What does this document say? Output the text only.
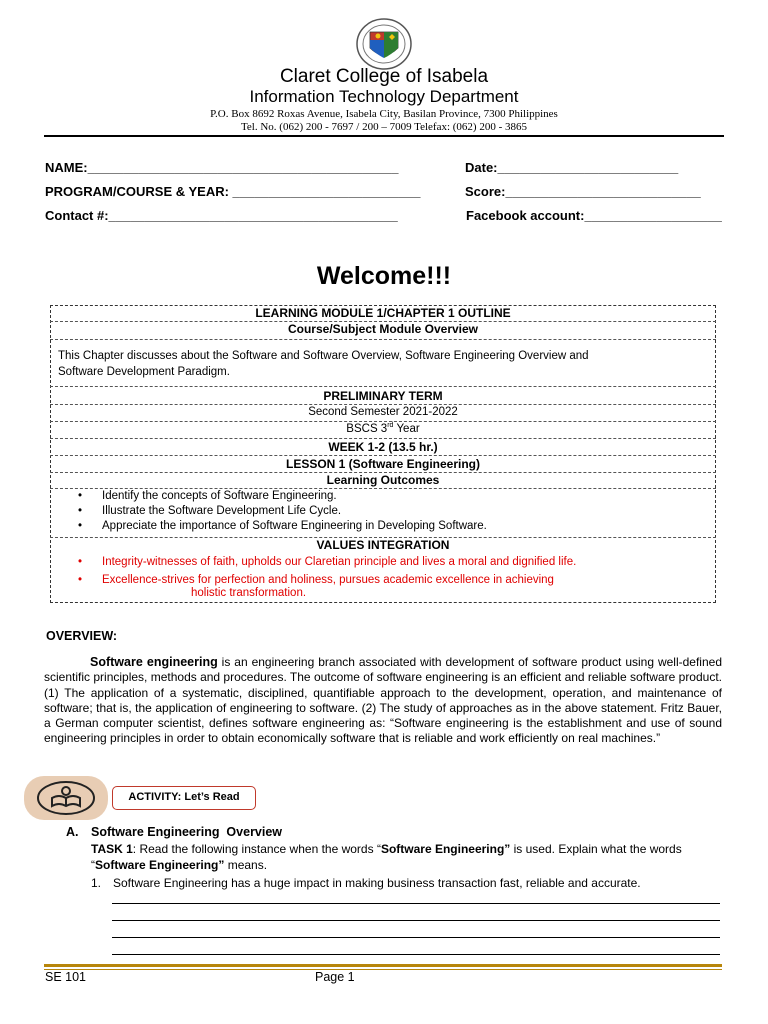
Claret College of Isabela
Information Technology Department
P.O. Box 8692 Roxas Avenue, Isabela City, Basilan Province, 7300 Philippines
Tel. No. (062) 200 - 7697 / 200 – 7009 Telefax: (062) 200 - 3865
NAME:___________________________________________	Date:_________________________
PROGRAM/COURSE & YEAR: __________________________	Score:___________________________
Contact #:________________________________________	Facebook account:___________________
Welcome!!!
LEARNING MODULE 1/CHAPTER 1 OUTLINE
Course/Subject Module Overview
This Chapter discusses about the Software and Software Overview, Software Engineering Overview and
Software Development Paradigm.
PRELIMINARY TERM
Second Semester 2021-2022
BSCS 3rd Year
WEEK 1-2 (13.5 hr.)
LESSON 1 (Software Engineering)
Learning Outcomes
• Identify the concepts of Software Engineering.
• Illustrate the Software Development Life Cycle.
• Appreciate the importance of Software Engineering in Developing Software.
VALUES INTEGRATION
• Integrity-witnesses of faith, upholds our Claretian principle and lives a moral and dignified life.
• Excellence-strives for perfection and holiness, pursues academic excellence in achieving
holistic transformation.
OVERVIEW:
Software engineering is an engineering branch associated with development of software product using well-defined scientific principles, methods and procedures. The outcome of software engineering is an efficient and reliable software product.(1) The application of a systematic, disciplined, quantifiable approach to the development, operation, and maintenance of software; that is, the application of engineering to software. (2) The study of approaches as in the above statement. Fritz Bauer, a German computer scientist, defines software engineering as: “Software engineering is the establishment and use of sound engineering principles in order to obtain economically software that is reliable and work efficiently on real machines.”
ACTIVITY: Let’s Read
A. Software Engineering  Overview
TASK 1: Read the following instance when the words “Software Engineering” is used. Explain what the words “Software Engineering” means.
1. Software Engineering has a huge impact in making business transaction fast, reliable and accurate.
SE 101	Page 1
